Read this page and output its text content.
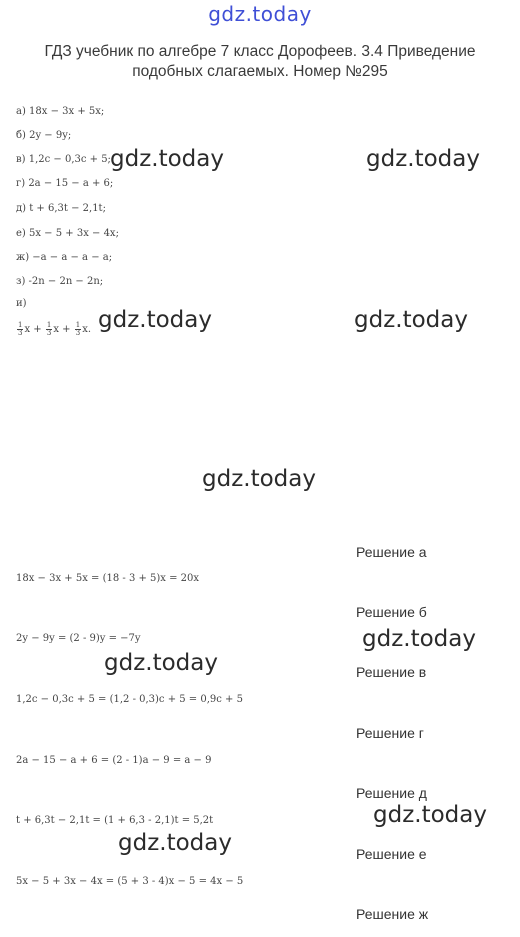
gdz.today
ГДЗ учебник по алгебре 7 класс Дорофеев. 3.4 Приведение подобных слагаемых. Номер №295
а) 18x − 3x + 5x;
б) 2y − 9y;
в) 1,2c − 0,3c + 5;
г) 2a − 15 − a + 6;
д) t + 6,3t − 2,1t;
е) 5x − 5 + 3x − 4x;
ж) −a − a − a − a;
з) -2n − 2n − 2n;
и)
$\frac{1}{3}$ $x + \frac{1}{3}$ $x + \frac{1}{3} x$.
Решение а
18x − 3x + 5x = (18 - 3 + 5)x = 20x
Решение б
2y − 9y = (2 - 9)y = −7y
Решение в
1,2c − 0,3c + 5 = (1,2 - 0,3)c + 5 = 0,9c + 5
Решение г
2a − 15 − a + 6 = (2 - 1)a − 9 = a − 9
Решение д
t + 6,3t − 2,1t = (1 + 6,3 - 2,1)t = 5,2t
Решение е
5x − 5 + 3x − 4x = (5 + 3 - 4)x − 5 = 4x − 5
Решение ж
gdz.today	gdz.today
gdz.today	gdz.today
gdz.today
gdz.today
gdz.today
gdz.today
gdz.today
